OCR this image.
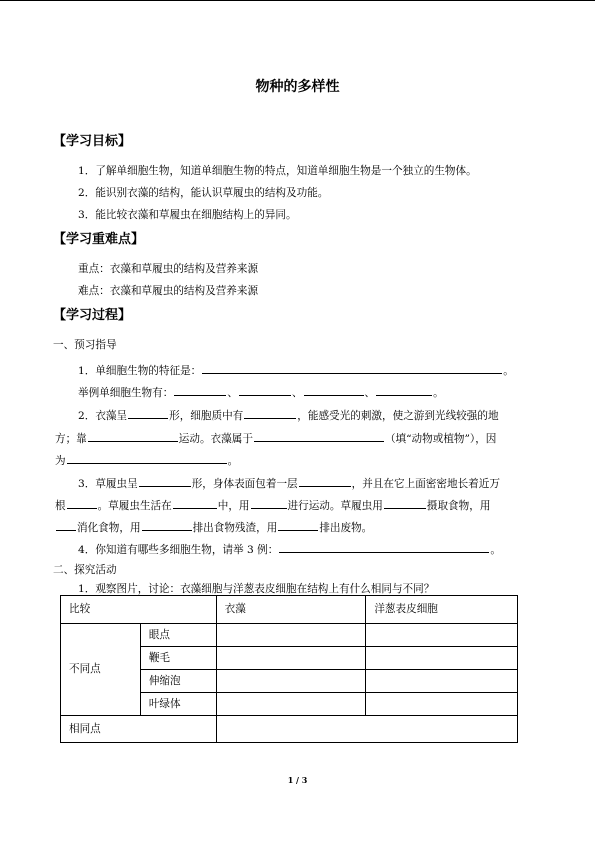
物种的多样性
【学习目标】
1．了解单细胞生物，知道单细胞生物的特点，知道单细胞生物是一个独立的生物体。
2．能识别衣藻的结构，能认识草履虫的结构及功能。
3．能比较衣藻和草履虫在细胞结构上的异同。
【学习重难点】
重点：衣藻和草履虫的结构及营养来源
难点：衣藻和草履虫的结构及营养来源
【学习过程】
一、预习指导
1．单细胞生物的特征是：	。
举例单细胞生物有：	、	、	、	。
2．衣藻呈	形，细胞质中有	，能感受光的刺激，使之游到光线较强的地
方；靠	运动。衣藻属于	（填“动物或植物”），因
为	。
3．草履虫呈	形，身体表面包着一层	，并且在它上面密密地长着近万
根	。草履虫生活在	中，用	进行运动。草履虫用	摄取食物，用
消化食物，用	排出食物残渣，用	排出废物。
4．你知道有哪些多细胞生物，请举 3 例：	。
二、探究活动
1．观察图片，讨论：衣藻细胞与洋葱表皮细胞在结构上有什么相同与不同？
比较		衣藻	洋葱表皮细胞
不同点	眼点		
	鞭毛		
	伸缩泡		
	叶绿体		
相同点			
1 / 3
